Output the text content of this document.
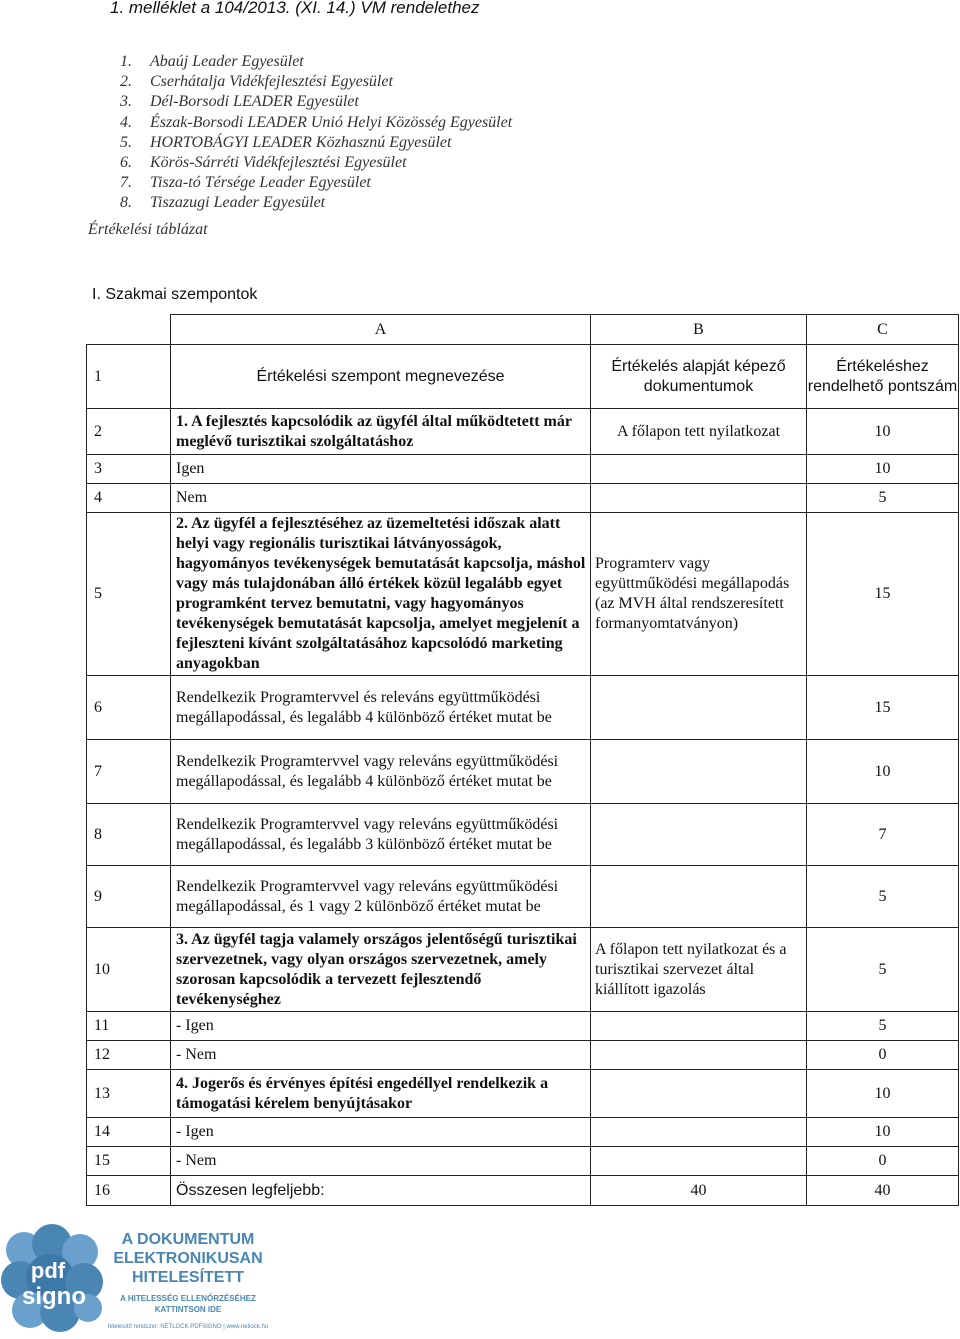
1. melléklet a 104/2013. (XI. 14.) VM rendelethez
1. Abaúj Leader Egyesület
2. Cserhátalja Vidékfejlesztési Egyesület
3. Dél-Borsodi LEADER Egyesület
4. Észak-Borsodi LEADER Unió Helyi Közösség Egyesület
5. HORTOBÁGYI LEADER Közhasznú Egyesület
6. Körös-Sárréti Vidékfejlesztési Egyesület
7. Tisza-tó Térsége Leader Egyesület
8. Tiszazugi Leader Egyesület
Értékelési táblázat
I. Szakmai szempontok
	A	B	C
1	Értékelési szempont megnevezése	Értékelés alapját képező dokumentumok	Értékeléshez rendelhető pontszám
2	1. A fejlesztés kapcsolódik az ügyfél által működtetett már meglévő turisztikai szolgáltatáshoz	A főlapon tett nyilatkozat	10
3	Igen		10
4	Nem		5
5	2. Az ügyfél a fejlesztéséhez az üzemeltetési időszak alatt helyi vagy regionális turisztikai látványosságok, hagyományos tevékenységek bemutatását kapcsolja, máshol vagy más tulajdonában álló értékek közül legalább egyet programként tervez bemutatni, vagy hagyományos tevékenységek bemutatását kapcsolja, amelyet megjelenít a fejleszteni kívánt szolgáltatásához kapcsolódó marketing anyagokban	Programterv vagy együttműködési megállapodás (az MVH által rendszeresített formanyomtatványon)	15
6	Rendelkezik Programtervvel és releváns együttműködési megállapodással, és legalább 4 különböző értéket mutat be		15
7	Rendelkezik Programtervvel vagy releváns együttműködési megállapodással, és legalább 4 különböző értéket mutat be		10
8	Rendelkezik Programtervvel vagy releváns együttműködési megállapodással, és legalább 3 különböző értéket mutat be		7
9	Rendelkezik Programtervvel vagy releváns együttműködési megállapodással, és 1 vagy 2 különböző értéket mutat be		5
10	3. Az ügyfél tagja valamely országos jelentőségű turisztikai szervezetnek, vagy olyan országos szervezetnek, amely szorosan kapcsolódik a tervezett fejlesztendő tevékenységhez	A főlapon tett nyilatkozat és a turisztikai szervezet által kiállított igazolás	5
11	- Igen		5
12	- Nem		0
13	4. Jogerős és érvényes építési engedéllyel rendelkezik a támogatási kérelem benyújtásakor		10
14	- Igen		10
15	- Nem		0
16	Összesen legfeljebb:	40	40
pdf
signo
A DOKUMENTUM
ELEKTRONIKUSAN
HITELESÍTETT
A HITELESSÉG ELLENŐRZÉSÉHEZ
KATTINTSON IDE
hitelesítő rendszer: NETLOCK PDFSIGNO | www.netlock.hu
